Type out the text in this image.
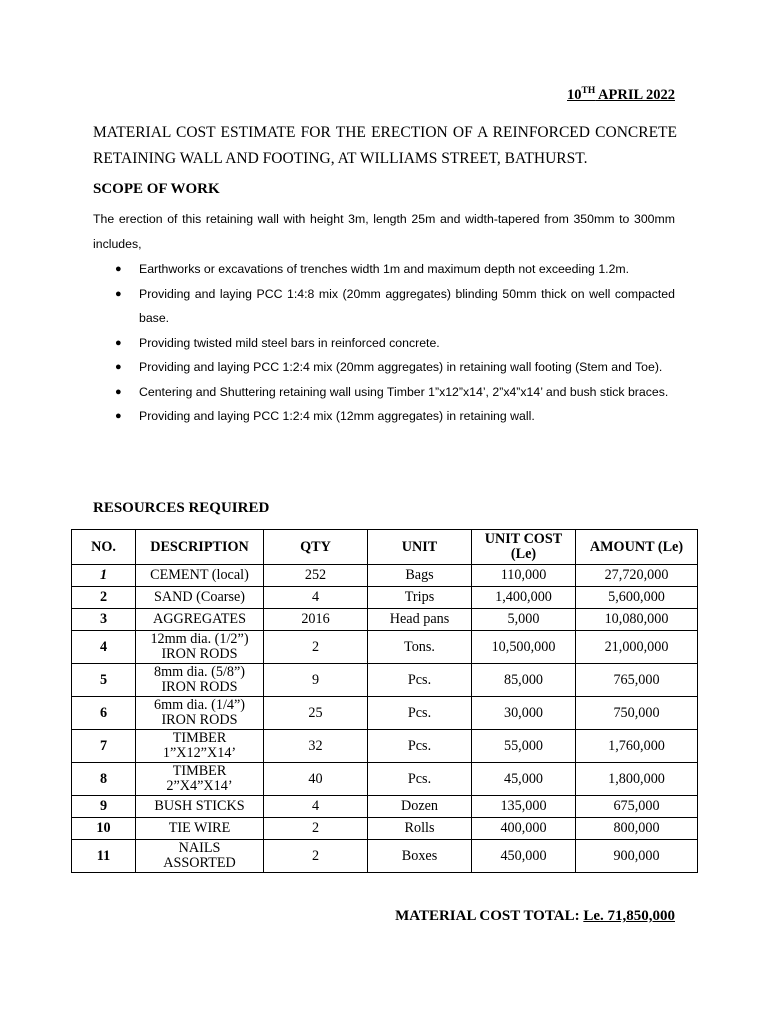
10TH APRIL 2022
MATERIAL COST ESTIMATE FOR THE ERECTION OF A REINFORCED CONCRETE RETAINING WALL AND FOOTING, AT WILLIAMS STREET, BATHURST.
SCOPE OF WORK
The erection of this retaining wall with height 3m, length 25m and width-tapered from 350mm to 300mm includes,
● Earthworks or excavations of trenches width 1m and maximum depth not exceeding 1.2m.
● Providing and laying PCC 1:4:8 mix (20mm aggregates) blinding 50mm thick on well compacted base.
● Providing twisted mild steel bars in reinforced concrete.
● Providing and laying PCC 1:2:4 mix (20mm aggregates) in retaining wall footing (Stem and Toe).
● Centering and Shuttering retaining wall using Timber 1”x12”x14’, 2”x4”x14’ and bush stick braces.
● Providing and laying PCC 1:2:4 mix (12mm aggregates) in retaining wall.
RESOURCES REQUIRED
NO.	DESCRIPTION	QTY	UNIT	UNIT COST (Le)	AMOUNT (Le)
1	CEMENT (local)	252	Bags	110,000	27,720,000
2	SAND (Coarse)	4	Trips	1,400,000	5,600,000
3	AGGREGATES	2016	Head pans	5,000	10,080,000
4	12mm dia. (1/2”)
IRON RODS	2	Tons.	10,500,000	21,000,000
5	8mm dia. (5/8”)
IRON RODS	9	Pcs.	85,000	765,000
6	6mm dia. (1/4”)
IRON RODS	25	Pcs.	30,000	750,000
7	TIMBER
1”X12”X14’	32	Pcs.	55,000	1,760,000
8	TIMBER
2”X4”X14’	40	Pcs.	45,000	1,800,000
9	BUSH STICKS	4	Dozen	135,000	675,000
10	TIE WIRE	2	Rolls	400,000	800,000
11	NAILS
ASSORTED	2	Boxes	450,000	900,000
MATERIAL COST TOTAL: Le. 71,850,000
